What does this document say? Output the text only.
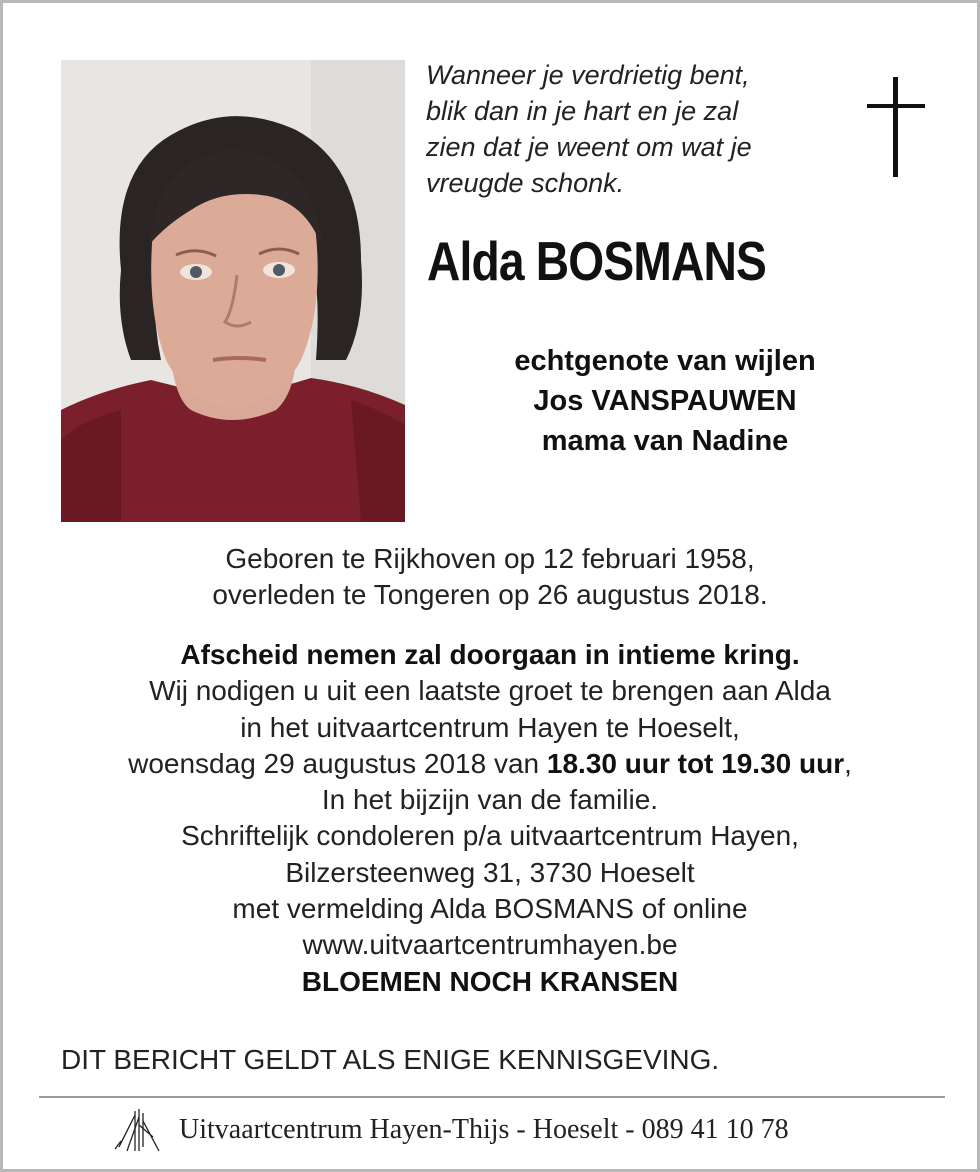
Wanneer je verdrietig bent,
blik dan in je hart en je zal
zien dat je weent om wat je
vreugde schonk.
Alda BOSMANS
echtgenote van wijlen
Jos VANSPAUWEN
mama van Nadine
Geboren te Rijkhoven op 12 februari 1958,
overleden te Tongeren op 26 augustus 2018.
Afscheid nemen zal doorgaan in intieme kring.
Wij nodigen u uit een laatste groet te brengen aan Alda
in het uitvaartcentrum Hayen te Hoeselt,
woensdag 29 augustus 2018 van 18.30 uur tot 19.30 uur,
In het bijzijn van de familie.
Schriftelijk condoleren p/a uitvaartcentrum Hayen,
Bilzersteenweg 31, 3730 Hoeselt
met vermelding Alda BOSMANS of online
www.uitvaartcentrumhayen.be
BLOEMEN NOCH KRANSEN
DIT BERICHT GELDT ALS ENIGE KENNISGEVING.
Uitvaartcentrum Hayen-Thijs - Hoeselt - 089 41 10 78
